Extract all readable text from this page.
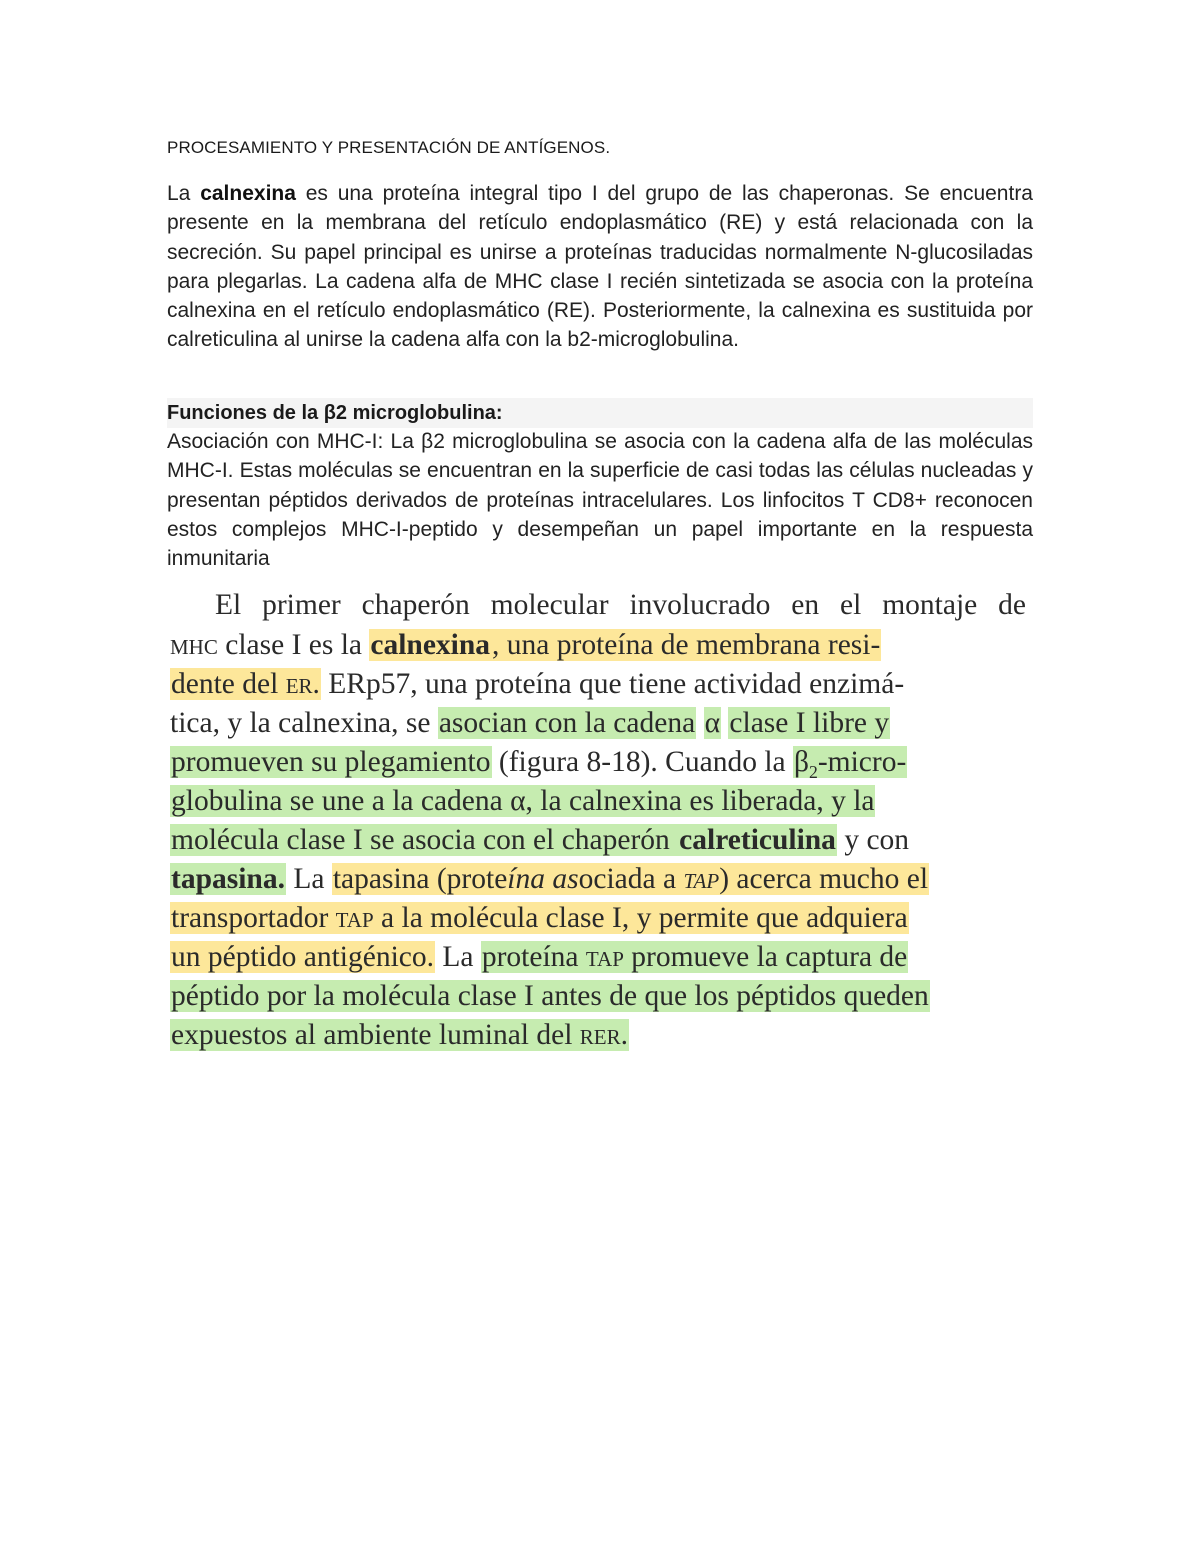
PROCESAMIENTO Y PRESENTACIÓN DE ANTÍGENOS.

La calnexina es una proteína integral tipo I del grupo de las chaperonas. Se encuentra presente en la membrana del retículo endoplasmático (RE) y está relacionada con la secreción. Su papel principal es unirse a proteínas traducidas normalmente N-glucosiladas para plegarlas. La cadena alfa de MHC clase I recién sintetizada se asocia con la proteína calnexina en el retículo endoplasmático (RE). Posteriormente, la calnexina es sustituida por calreticulina al unirse la cadena alfa con la b2-microglobulina.

Funciones de la β2 microglobulina:

Asociación con MHC-I: La β2 microglobulina se asocia con la cadena alfa de las moléculas MHC-I. Estas moléculas se encuentran en la superficie de casi todas las células nucleadas y presentan péptidos derivados de proteínas intracelulares. Los linfocitos T CD8+ reconocen estos complejos MHC-I-peptido y desempeñan un papel importante en la respuesta inmunitaria

El primer chaperón molecular involucrado en el montaje de
mhc clase I es la calnexina, una proteína de membrana resi-
dente del er. ERp57, una proteína que tiene actividad enzimá-
tica, y la calnexina, se asocian con la cadena α clase I libre y
promueven su plegamiento (figura 8-18). Cuando la $\beta_2-micro-$
globulina se une a la cadena α, la calnexina es liberada, y la
molécula clase I se asocia con el chaperón calreticulina y con
tapasina. La tapasina (proteína asociada a tap) acerca mucho el
transportador tap a la molécula clase I, y permite que adquiera
un péptido antigénico. La proteína tap promueve la captura de
péptido por la molécula clase I antes de que los péptidos queden
expuestos al ambiente luminal del rer.
